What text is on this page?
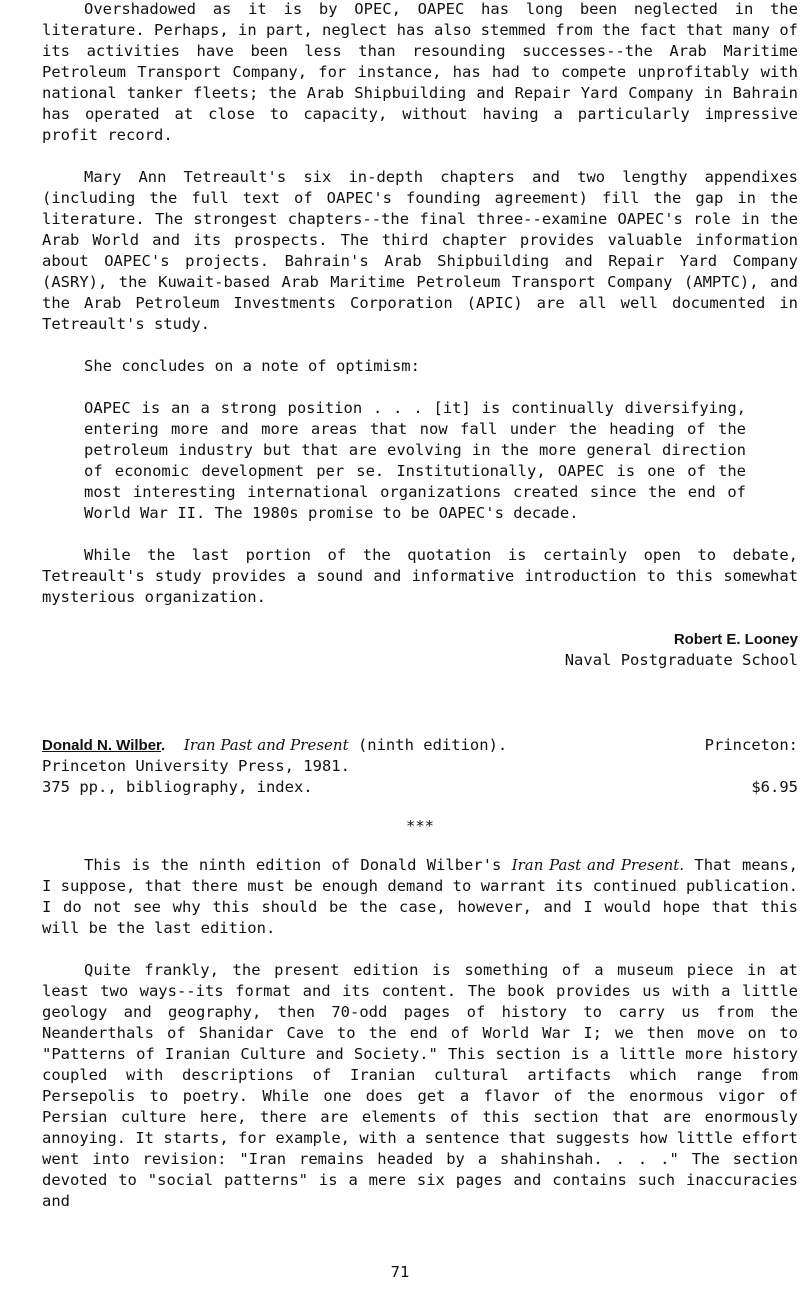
Overshadowed as it is by OPEC, OAPEC has long been neglected in the literature. Perhaps, in part, neglect has also stemmed from the fact that many of its activities have been less than resounding successes--the Arab Maritime Petroleum Transport Company, for instance, has had to compete unprofitably with national tanker fleets; the Arab Shipbuilding and Repair Yard Company in Bahrain has operated at close to capacity, without having a particularly impressive profit record.

Mary Ann Tetreault's six in-depth chapters and two lengthy appendixes (including the full text of OAPEC's founding agreement) fill the gap in the literature. The strongest chapters--the final three--examine OAPEC's role in the Arab World and its prospects. The third chapter provides valuable information about OAPEC's projects. Bahrain's Arab Shipbuilding and Repair Yard Company (ASRY), the Kuwait-based Arab Maritime Petroleum Transport Company (AMPTC), and the Arab Petroleum Investments Corporation (APIC) are all well documented in Tetreault's study.

She concludes on a note of optimism:

OAPEC is an a strong position . . . [it] is continually diversifying, entering more and more areas that now fall under the heading of the petroleum industry but that are evolving in the more general direction of economic development per se. Institutionally, OAPEC is one of the most interesting international organizations created since the end of World War II. The 1980s promise to be OAPEC's decade.

While the last portion of the quotation is certainly open to debate, Tetreault's study provides a sound and informative introduction to this somewhat mysterious organization.

Robert E. Looney

Naval Postgraduate School

Donald N. Wilber. Iran Past and Present (ninth edition).	Princeton:
Princeton University Press, 1981.
375 pp., bibliography, index.	$6.95

***

This is the ninth edition of Donald Wilber's Iran Past and Present. That means, I suppose, that there must be enough demand to warrant its continued publication. I do not see why this should be the case, however, and I would hope that this will be the last edition.

Quite frankly, the present edition is something of a museum piece in at least two ways--its format and its content. The book provides us with a little geology and geography, then 70-odd pages of history to carry us from the Neanderthals of Shanidar Cave to the end of World War I; we then move on to "Patterns of Iranian Culture and Society." This section is a little more history coupled with descriptions of Iranian cultural artifacts which range from Persepolis to poetry. While one does get a flavor of the enormous vigor of Persian culture here, there are elements of this section that are enormously annoying. It starts, for example, with a sentence that suggests how little effort went into revision: "Iran remains headed by a shahinshah. . . ." The section devoted to "social patterns" is a mere six pages and contains such inaccuracies and

71
